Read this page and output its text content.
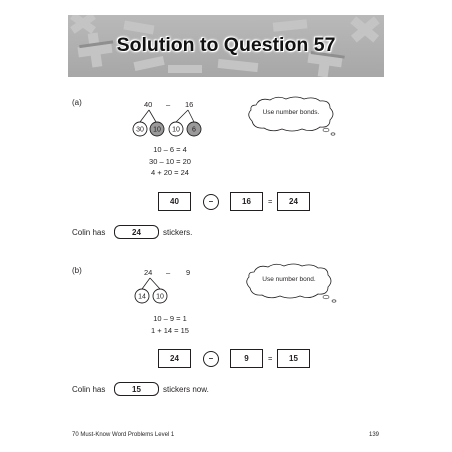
Solution to Question 57
(a)	40 – 16
30 10 10 6
Use number bonds.
10 – 6 = 4
30 – 10 = 20
4 + 20 = 24
40	–	16	=	24
Colin has	24	stickers.
(b)	24 – 9
14 10
Use number bond.
10 – 9 = 1
1 + 14 = 15
24	–	9	=	15
Colin has	15	stickers now.
70 Must-Know Word Problems Level 1	139
